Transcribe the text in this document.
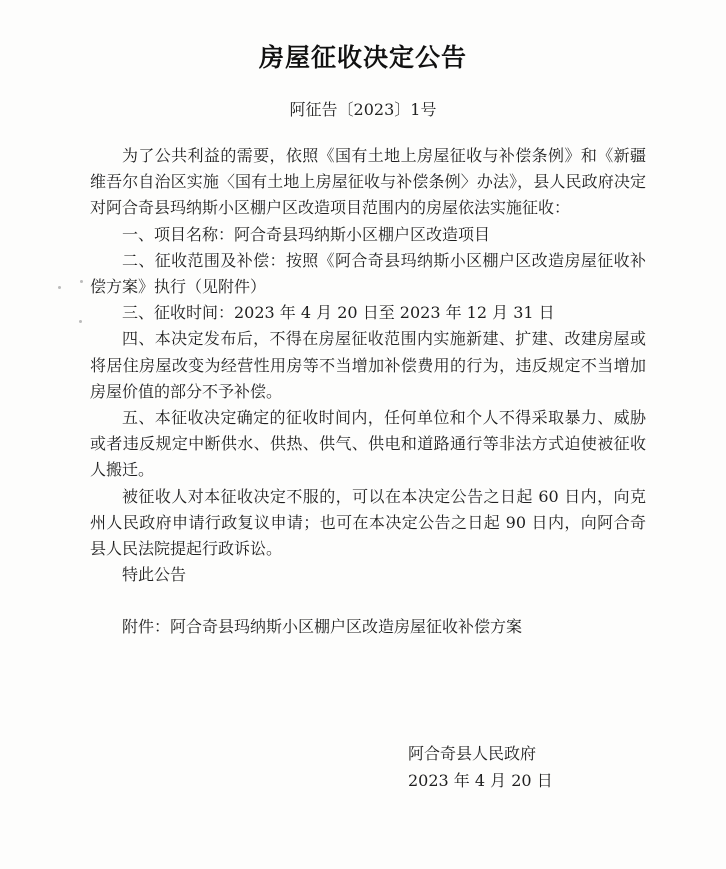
房屋征收决定公告
阿征告〔2023〕1号

为了公共利益的需要，依照《国有土地上房屋征收与补偿条例》和《新疆维吾尔自治区实施〈国有土地上房屋征收与补偿条例〉办法》，县人民政府决定对阿合奇县玛纳斯小区棚户区改造项目范围内的房屋依法实施征收：

一、项目名称：阿合奇县玛纳斯小区棚户区改造项目

二、征收范围及补偿：按照《阿合奇县玛纳斯小区棚户区改造房屋征收补偿方案》执行（见附件）

三、征收时间：2023 年 4 月 20 日至 2023 年 12 月 31 日

四、本决定发布后，不得在房屋征收范围内实施新建、扩建、改建房屋或将居住房屋改变为经营性用房等不当增加补偿费用的行为，违反规定不当增加房屋价值的部分不予补偿。

五、本征收决定确定的征收时间内，任何单位和个人不得采取暴力、威胁或者违反规定中断供水、供热、供气、供电和道路通行等非法方式迫使被征收人搬迁。

被征收人对本征收决定不服的，可以在本决定公告之日起 60 日内，向克州人民政府申请行政复议申请；也可在本决定公告之日起 90 日内，向阿合奇县人民法院提起行政诉讼。

特此公告

附件：阿合奇县玛纳斯小区棚户区改造房屋征收补偿方案

阿合奇县人民政府
2023 年 4 月 20 日
